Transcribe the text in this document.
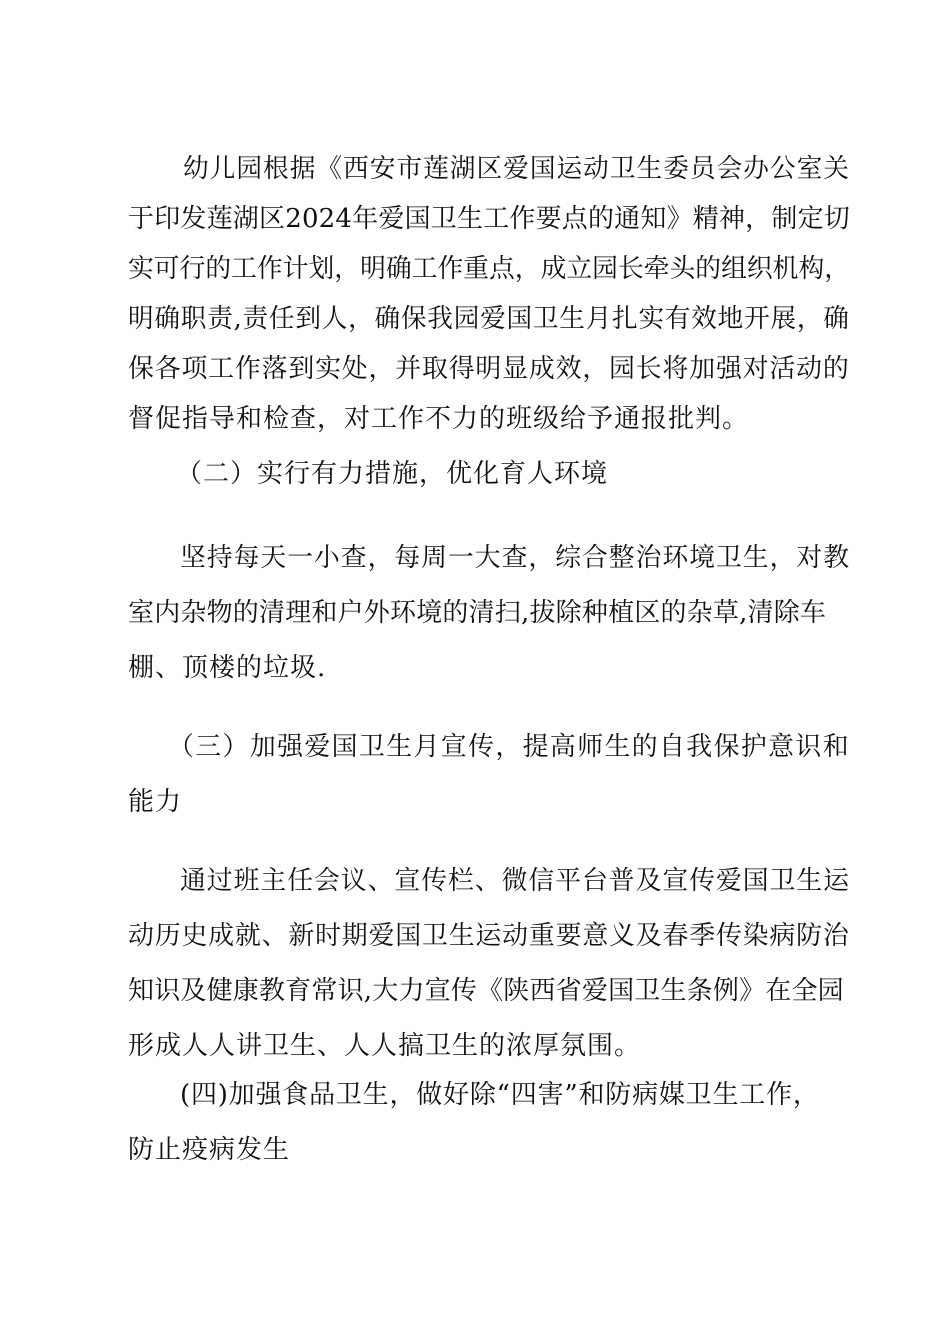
幼儿园根据《西安市莲湖区爱国运动卫生委员会办公室关
于印发莲湖区2024年爱国卫生工作要点的通知》精神，制定切
实可行的工作计划，明确工作重点，成立园长牵头的组织机构，
明确职责,责任到人，确保我园爱国卫生月扎实有效地开展，确
保各项工作落到实处，并取得明显成效，园长将加强对活动的
督促指导和检查，对工作不力的班级给予通报批判。
（二）实行有力措施，优化育人环境
坚持每天一小查，每周一大查，综合整治环境卫生，对教
室内杂物的清理和户外环境的清扫,拔除种植区的杂草,清除车
棚、顶楼的垃圾.
（三）加强爱国卫生月宣传，提高师生的自我保护意识和
能力
通过班主任会议、宣传栏、微信平台普及宣传爱国卫生运
动历史成就、新时期爱国卫生运动重要意义及春季传染病防治
知识及健康教育常识,大力宣传《陕西省爱国卫生条例》在全园
形成人人讲卫生、人人搞卫生的浓厚氛围。
(四)加强食品卫生，做好除“四害”和防病媒卫生工作，
防止疫病发生
